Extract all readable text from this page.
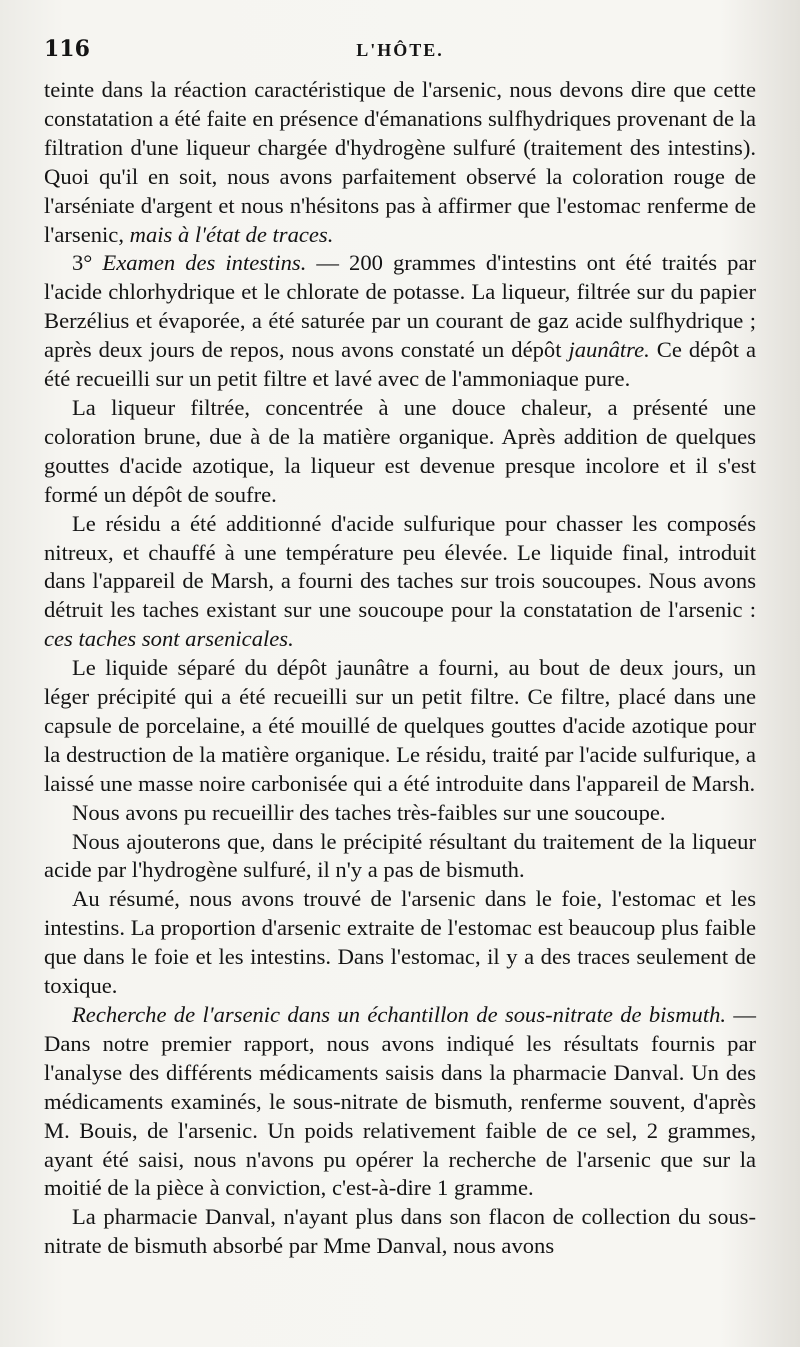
116	L'HÔTE.

teinte dans la réaction caractéristique de l'arsenic, nous devons dire que cette constatation a été faite en présence d'émanations sulfhydriques provenant de la filtration d'une liqueur chargée d'hydrogène sulfuré (traitement des intestins). Quoi qu'il en soit, nous avons parfaitement observé la coloration rouge de l'arséniate d'argent et nous n'hésitons pas à affirmer que l'estomac renferme de l'arsenic, mais à l'état de traces.

3° Examen des intestins. — 200 grammes d'intestins ont été traités par l'acide chlorhydrique et le chlorate de potasse. La liqueur, filtrée sur du papier Berzélius et évaporée, a été saturée par un courant de gaz acide sulfhydrique ; après deux jours de repos, nous avons constaté un dépôt jaunâtre. Ce dépôt a été recueilli sur un petit filtre et lavé avec de l'ammoniaque pure.

La liqueur filtrée, concentrée à une douce chaleur, a présenté une coloration brune, due à de la matière organique. Après addition de quelques gouttes d'acide azotique, la liqueur est devenue presque incolore et il s'est formé un dépôt de soufre.

Le résidu a été additionné d'acide sulfurique pour chasser les composés nitreux, et chauffé à une température peu élevée. Le liquide final, introduit dans l'appareil de Marsh, a fourni des taches sur trois soucoupes. Nous avons détruit les taches existant sur une soucoupe pour la constatation de l'arsenic : ces taches sont arsenicales.

Le liquide séparé du dépôt jaunâtre a fourni, au bout de deux jours, un léger précipité qui a été recueilli sur un petit filtre. Ce filtre, placé dans une capsule de porcelaine, a été mouillé de quelques gouttes d'acide azotique pour la destruction de la matière organique. Le résidu, traité par l'acide sulfurique, a laissé une masse noire carbonisée qui a été introduite dans l'appareil de Marsh.

Nous avons pu recueillir des taches très-faibles sur une soucoupe.

Nous ajouterons que, dans le précipité résultant du traitement de la liqueur acide par l'hydrogène sulfuré, il n'y a pas de bismuth.

Au résumé, nous avons trouvé de l'arsenic dans le foie, l'estomac et les intestins. La proportion d'arsenic extraite de l'estomac est beaucoup plus faible que dans le foie et les intestins. Dans l'estomac, il y a des traces seulement de toxique.

Recherche de l'arsenic dans un échantillon de sous-nitrate de bismuth. — Dans notre premier rapport, nous avons indiqué les résultats fournis par l'analyse des différents médicaments saisis dans la pharmacie Danval. Un des médicaments examinés, le sous-nitrate de bismuth, renferme souvent, d'après M. Bouis, de l'arsenic. Un poids relativement faible de ce sel, 2 grammes, ayant été saisi, nous n'avons pu opérer la recherche de l'arsenic que sur la moitié de la pièce à conviction, c'est-à-dire 1 gramme.

La pharmacie Danval, n'ayant plus dans son flacon de collection du sous-nitrate de bismuth absorbé par Mme Danval, nous avons
